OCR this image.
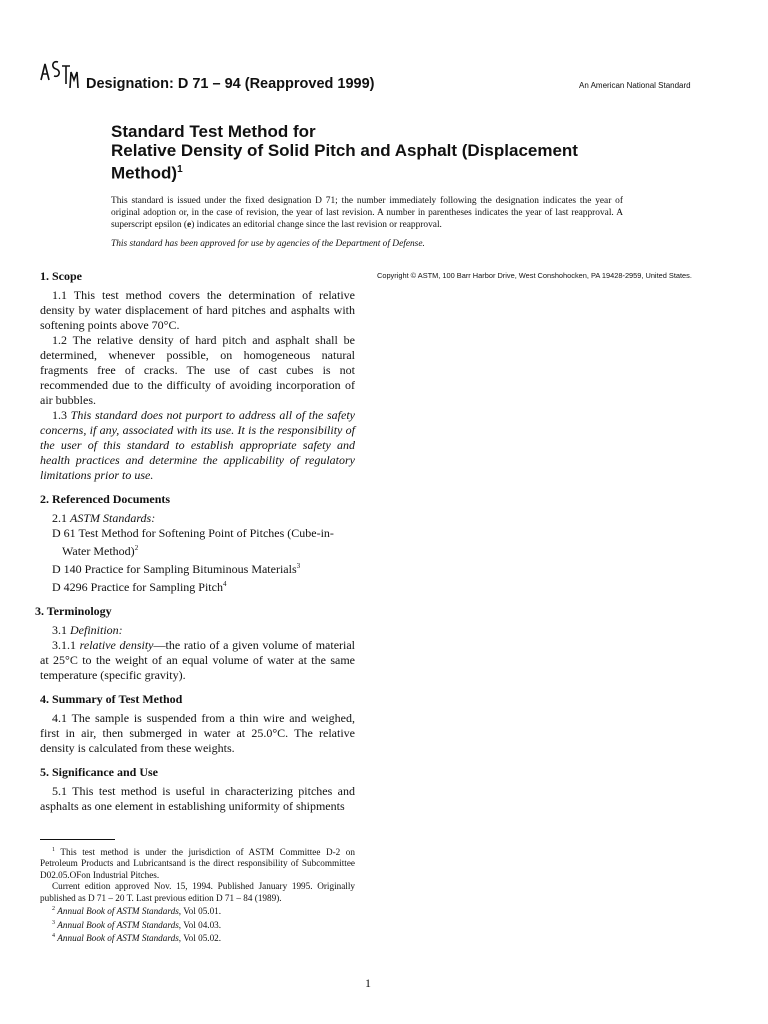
Designation: D 71 – 94 (Reapproved 1999)	An American National Standard
Standard Test Method for
Relative Density of Solid Pitch and Asphalt (Displacement
Method)$^1$
This standard is issued under the fixed designation D 71; the number immediately following the designation indicates the year of original adoption or, in the case of revision, the year of last revision. A number in parentheses indicates the year of last reapproval. A superscript epsilon (e) indicates an editorial change since the last revision or reapproval.
This standard has been approved for use by agencies of the Department of Defense.
Copyright © ASTM, 100 Barr Harbor Drive, West Conshohocken, PA 19428-2959, United States.
1. Scope

1.1 This test method covers the determination of relative density by water displacement of hard pitches and asphalts with softening points above 70°C.

1.2 The relative density of hard pitch and asphalt shall be determined, whenever possible, on homogeneous natural fragments free of cracks. The use of cast cubes is not recommended due to the difficulty of avoiding incorporation of air bubbles.

1.3 This standard does not purport to address all of the safety concerns, if any, associated with its use. It is the responsibility of the user of this standard to establish appropriate safety and health practices and determine the applicability of regulatory limitations prior to use.

2. Referenced Documents

2.1 ASTM Standards:

D 61 Test Method for Softening Point of Pitches (Cube-in-
Water Method)$^2$

D 140 Practice for Sampling Bituminous Materials$^3$

D 4296 Practice for Sampling Pitch$^4$

3. Terminology

3.1 Definition:

3.1.1 relative density—the ratio of a given volume of material at 25°C to the weight of an equal volume of water at the same temperature (specific gravity).

4. Summary of Test Method

4.1 The sample is suspended from a thin wire and weighed, first in air, then submerged in water at 25.0°C. The relative density is calculated from these weights.

5. Significance and Use

5.1 This test method is useful in characterizing pitches and asphalts as one element in establishing uniformity of shipments

$^1$ This test method is under the jurisdiction of ASTM Committee D-2 on Petroleum Products and Lubricantsand is the direct responsibility of Subcommittee D02.05.OFon Industrial Pitches.

Current edition approved Nov. 15, 1994. Published January 1995. Originally published as D 71 – 20 T. Last previous edition D 71 – 84 (1989).

$^2$ Annual Book of ASTM Standards, Vol 05.01.

$^3$ Annual Book of ASTM Standards, Vol 04.03.

$^4$ Annual Book of ASTM Standards, Vol 05.02.

1
